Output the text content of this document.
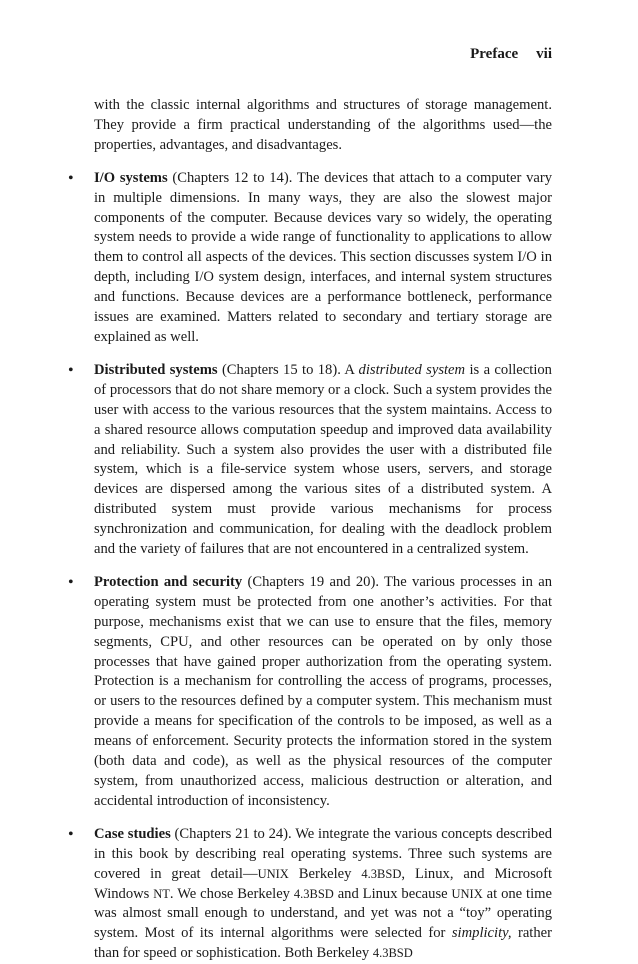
Preface vii

with the classic internal algorithms and structures of storage management. They provide a firm practical understanding of the algorithms used—the properties, advantages, and disadvantages.

• I/O systems (Chapters 12 to 14). The devices that attach to a computer vary in multiple dimensions. In many ways, they are also the slowest major components of the computer. Because devices vary so widely, the operating system needs to provide a wide range of functionality to applications to allow them to control all aspects of the devices. This section discusses system I/O in depth, including I/O system design, interfaces, and internal system structures and functions. Because devices are a performance bottleneck, performance issues are examined. Matters related to secondary and tertiary storage are explained as well.

• Distributed systems (Chapters 15 to 18). A distributed system is a collection of processors that do not share memory or a clock. Such a system provides the user with access to the various resources that the system maintains. Access to a shared resource allows computation speedup and improved data availability and reliability. Such a system also provides the user with a distributed file system, which is a file-service system whose users, servers, and storage devices are dispersed among the various sites of a distributed system. A distributed system must provide various mechanisms for process synchronization and communication, for dealing with the deadlock problem and the variety of failures that are not encountered in a centralized system.

• Protection and security (Chapters 19 and 20). The various processes in an operating system must be protected from one another’s activities. For that purpose, mechanisms exist that we can use to ensure that the files, memory segments, CPU, and other resources can be operated on by only those processes that have gained proper authorization from the operating system. Protection is a mechanism for controlling the access of programs, processes, or users to the resources defined by a computer system. This mechanism must provide a means for specification of the controls to be imposed, as well as a means of enforcement. Security protects the information stored in the system (both data and code), as well as the physical resources of the computer system, from unauthorized access, malicious destruction or alteration, and accidental introduction of inconsistency.

• Case studies (Chapters 21 to 24). We integrate the various concepts described in this book by describing real operating systems. Three such systems are covered in great detail—UNIX Berkeley 4.3BSD, Linux, and Microsoft Windows NT. We chose Berkeley 4.3BSD and Linux because UNIX at one time was almost small enough to understand, and yet was not a “toy” operating system. Most of its internal algorithms were selected for simplicity, rather than for speed or sophistication. Both Berkeley 4.3BSD
